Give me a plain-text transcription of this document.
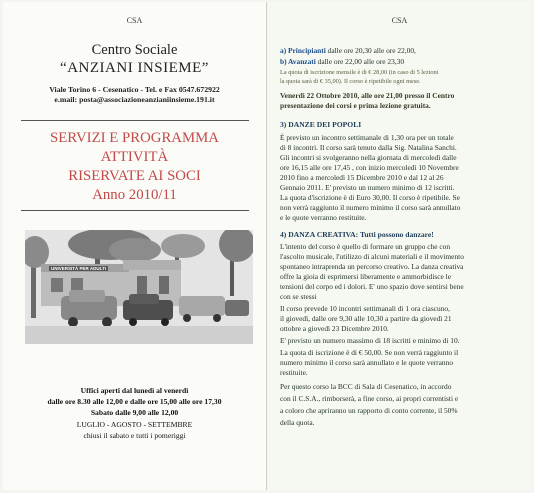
CSA
Centro Sociale
“ANZIANI INSIEME”
Viale Torino 6 - Cesenatico - Tel. e Fax 0547.672922
e.mail: posta@associazioneanzianiinsieme.191.it
SERVIZI E PROGRAMMA
ATTIVITÀ
RISERVATE AI SOCI
Anno 2010/11
UNIVERSITÀ PER ADULTI
Uffici aperti dal lunedì al venerdì
dalle ore 8.30 alle 12,00 e dalle ore 15,00 alle ore 17,30
Sabato dalle 9,00 alle 12,00
LUGLIO - AGOSTO - SETTEMBRE
chiusi il sabato e tutti i pomeriggi
CSA
a) Principianti dalle ore 20,30 alle ore 22,00,
b) Avanzati dalle ore 22,00 alle ore 23,30
La quota di iscrizione mensile è di € 28,00 (in caso di 5 lezioni
la quota sarà di € 35,00). Il corso è ripetibile ogni mese.
Venerdì 22 Ottobre 2010, alle ore 21,00 presso il Centro
presentazione dei corsi e prima lezione gratuita.
3) DANZE DEI POPOLI
È previsto un incontro settimanale di 1,30 ora per un totale
di 8 incontri. Il corso sarà tenuto dalla Sig. Natalina Sanchi.
Gli incontri si svolgeranno nella giornata di mercoledì dalle
ore 16,15 alle ore 17,45 , con inizio mercoledì 10 Novembre
2010 fino a mercoledì 15 Dicembre 2010 e dal 12 al 26
Gennaio 2011. E' previsto un numero minimo di 12 iscritti.
La quota d'iscrizione è di Euro 30,00. Il corso è ripetibile. Se
non verrà raggiunto il numero minimo il corso sarà annullato
e le quote verranno restituite.
4) DANZA CREATIVA: Tutti possono danzare!
L'intento del corso è quello di formare un gruppo che con
l'ascolto musicale, l'utilizzo di alcuni materiali e il movimento
spontaneo intraprenda un percorso creativo. La danza creativa
offre la gioia di esprimersi liberamente e ammorbidisce le
tensioni del corpo ed i dolori. E' uno spazio dove sentirsi bene
con se stessi
Il corso prevede 10 incontri settimanali di 1 ora ciascuno,
il giovedì, dalle ore 9,30 alle 10,30 a partire da giovedì 21
ottobre a giovedì 23 Dicembre 2010.
E' previsto un numero massimo di 18 iscritti e minimo di 10.
La quota di iscrizione è di € 50,00. Se non verrà raggiunto il
numero minimo il corso sarà annullato e le quote verranno
restituite.
Per questo corso la BCC di Sala di Cesenatico, in accordo
con il C.S.A., rimborserà, a fine corso, ai propri correntisti e
a coloro che apriranno un rapporto di conto corrente, il 50%
della quota.
